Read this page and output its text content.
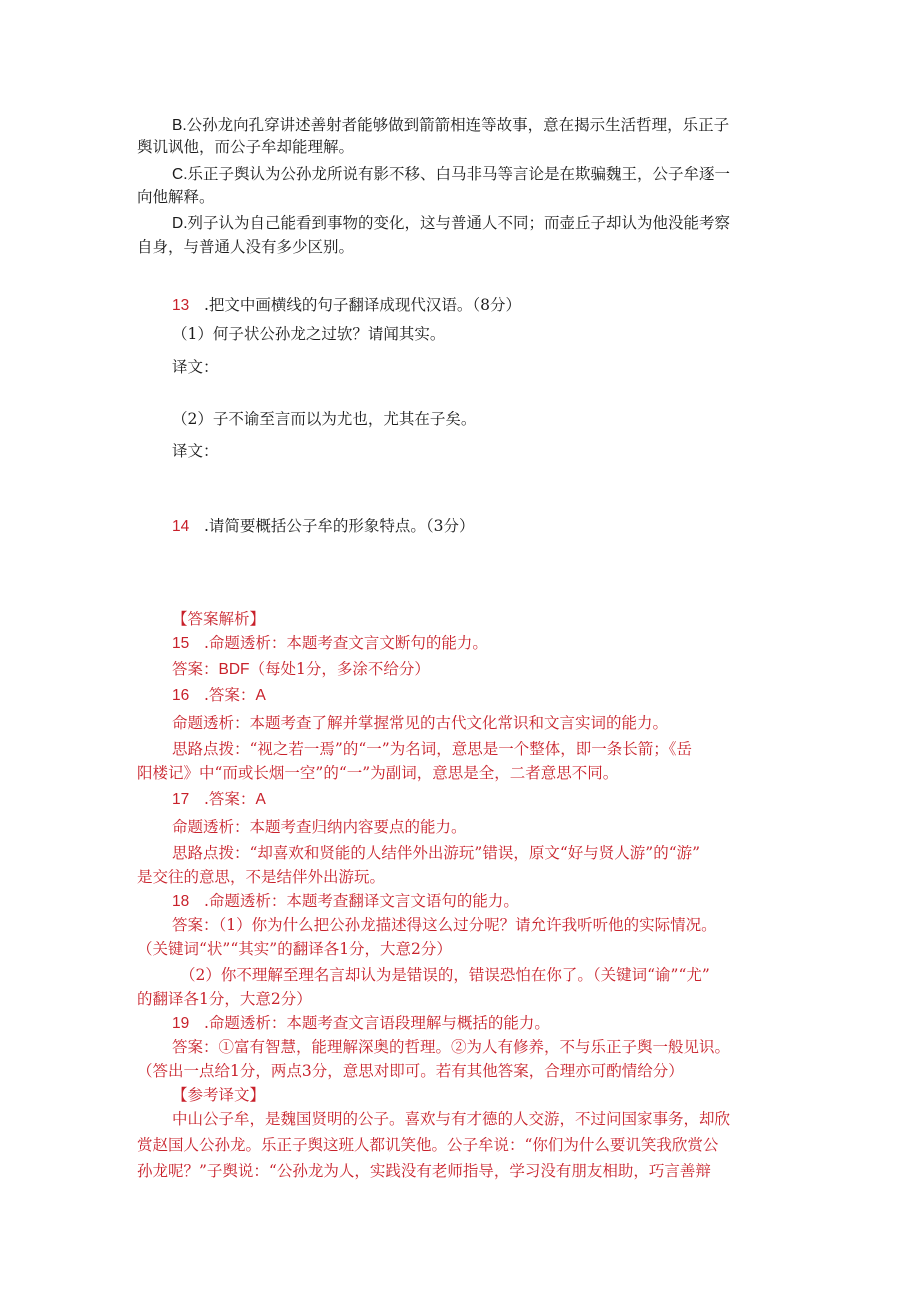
B.公孙龙向孔穿讲述善射者能够做到箭箭相连等故事，意在揭示生活哲理，乐正子
舆讥讽他，而公子牟却能理解。
C.乐正子舆认为公孙龙所说有影不移、白马非马等言论是在欺骗魏王，公子牟逐一
向他解释。
D.列子认为自己能看到事物的变化，这与普通人不同；而壶丘子却认为他没能考察
自身，与普通人没有多少区别。
13 .把文中画横线的句子翻译成现代汉语。（8分）
（1）何子状公孙龙之过欤？请闻其实。
译文：
（2）子不谕至言而以为尤也，尤其在子矣。
译文：
14 .请简要概括公子牟的形象特点。（3分）
【答案解析】
15 .命题透析：本题考查文言文断句的能力。
答案：BDF（每处1分，多涂不给分）
16 .答案：A
命题透析：本题考查了解并掌握常见的古代文化常识和文言实词的能力。
思路点拨：“视之若一焉”的“一”为名词，意思是一个整体，即一条长箭；《岳
阳楼记》中“而或长烟一空”的“一”为副词，意思是全，二者意思不同。
17 .答案：A
命题透析：本题考查归纳内容要点的能力。
思路点拨：“却喜欢和贤能的人结伴外出游玩”错误，原文“好与贤人游”的“游”
是交往的意思，不是结伴外出游玩。
18 .命题透析：本题考查翻译文言文语句的能力。
答案：（1）你为什么把公孙龙描述得这么过分呢？请允许我听听他的实际情况。
（关键词“状”“其实”的翻译各1分，大意2分）
（2）你不理解至理名言却认为是错误的，错误恐怕在你了。（关键词“谕”“尤”
的翻译各1分，大意2分）
19 .命题透析：本题考查文言语段理解与概括的能力。
答案：①富有智慧，能理解深奥的哲理。②为人有修养，不与乐正子舆一般见识。
（答出一点给1分，两点3分，意思对即可。若有其他答案，合理亦可酌情给分）
【参考译文】
中山公子牟，是魏国贤明的公子。喜欢与有才德的人交游，不过问国家事务，却欣
赏赵国人公孙龙。乐正子舆这班人都讥笑他。公子牟说：“你们为什么要讥笑我欣赏公
孙龙呢？”子舆说：“公孙龙为人，实践没有老师指导，学习没有朋友相助，巧言善辩
